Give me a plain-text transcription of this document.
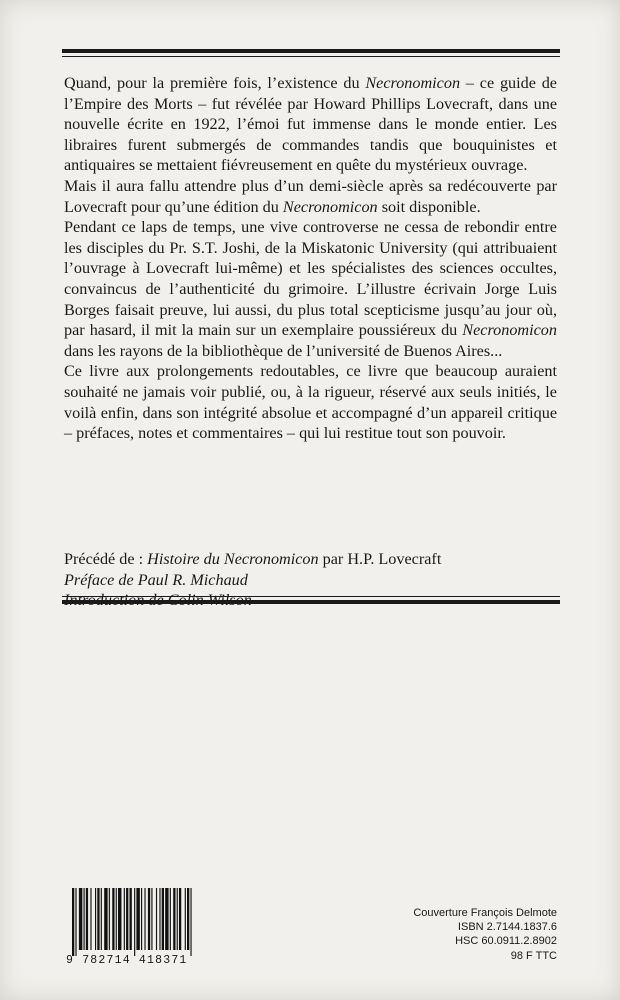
Quand, pour la première fois, l’existence du Necronomicon – ce guide de l’Empire des Morts – fut révélée par Howard Phillips Lovecraft, dans une nouvelle écrite en 1922, l’émoi fut immense dans le monde entier. Les libraires furent submergés de commandes tandis que bouquinistes et antiquaires se mettaient fiévreusement en quête du mystérieux ouvrage.

Mais il aura fallu attendre plus d’un demi-siècle après sa redécouverte par Lovecraft pour qu’une édition du Necronomicon soit disponible.

Pendant ce laps de temps, une vive controverse ne cessa de rebondir entre les disciples du Pr. S.T. Joshi, de la Miskatonic University (qui attribuaient l’ouvrage à Lovecraft lui-même) et les spécialistes des sciences occultes, convaincus de l’authenticité du grimoire. L’illustre écrivain Jorge Luis Borges faisait preuve, lui aussi, du plus total scepticisme jusqu’au jour où, par hasard, il mit la main sur un exemplaire poussiéreux du Necronomicon dans les rayons de la bibliothèque de l’université de Buenos Aires...

Ce livre aux prolongements redoutables, ce livre que beaucoup auraient souhaité ne jamais voir publié, ou, à la rigueur, réservé aux seuls initiés, le voilà enfin, dans son intégrité absolue et accompagné d’un appareil critique – préfaces, notes et commentaires – qui lui restitue tout son pouvoir.

Précédé de : Histoire du Necronomicon par H.P. Lovecraft
Préface de Paul R. Michaud
9 782714 418371
Couverture François Delmote
ISBN 2.7144.1837.6
HSC 60.0911.2.8902
98 F TTC
